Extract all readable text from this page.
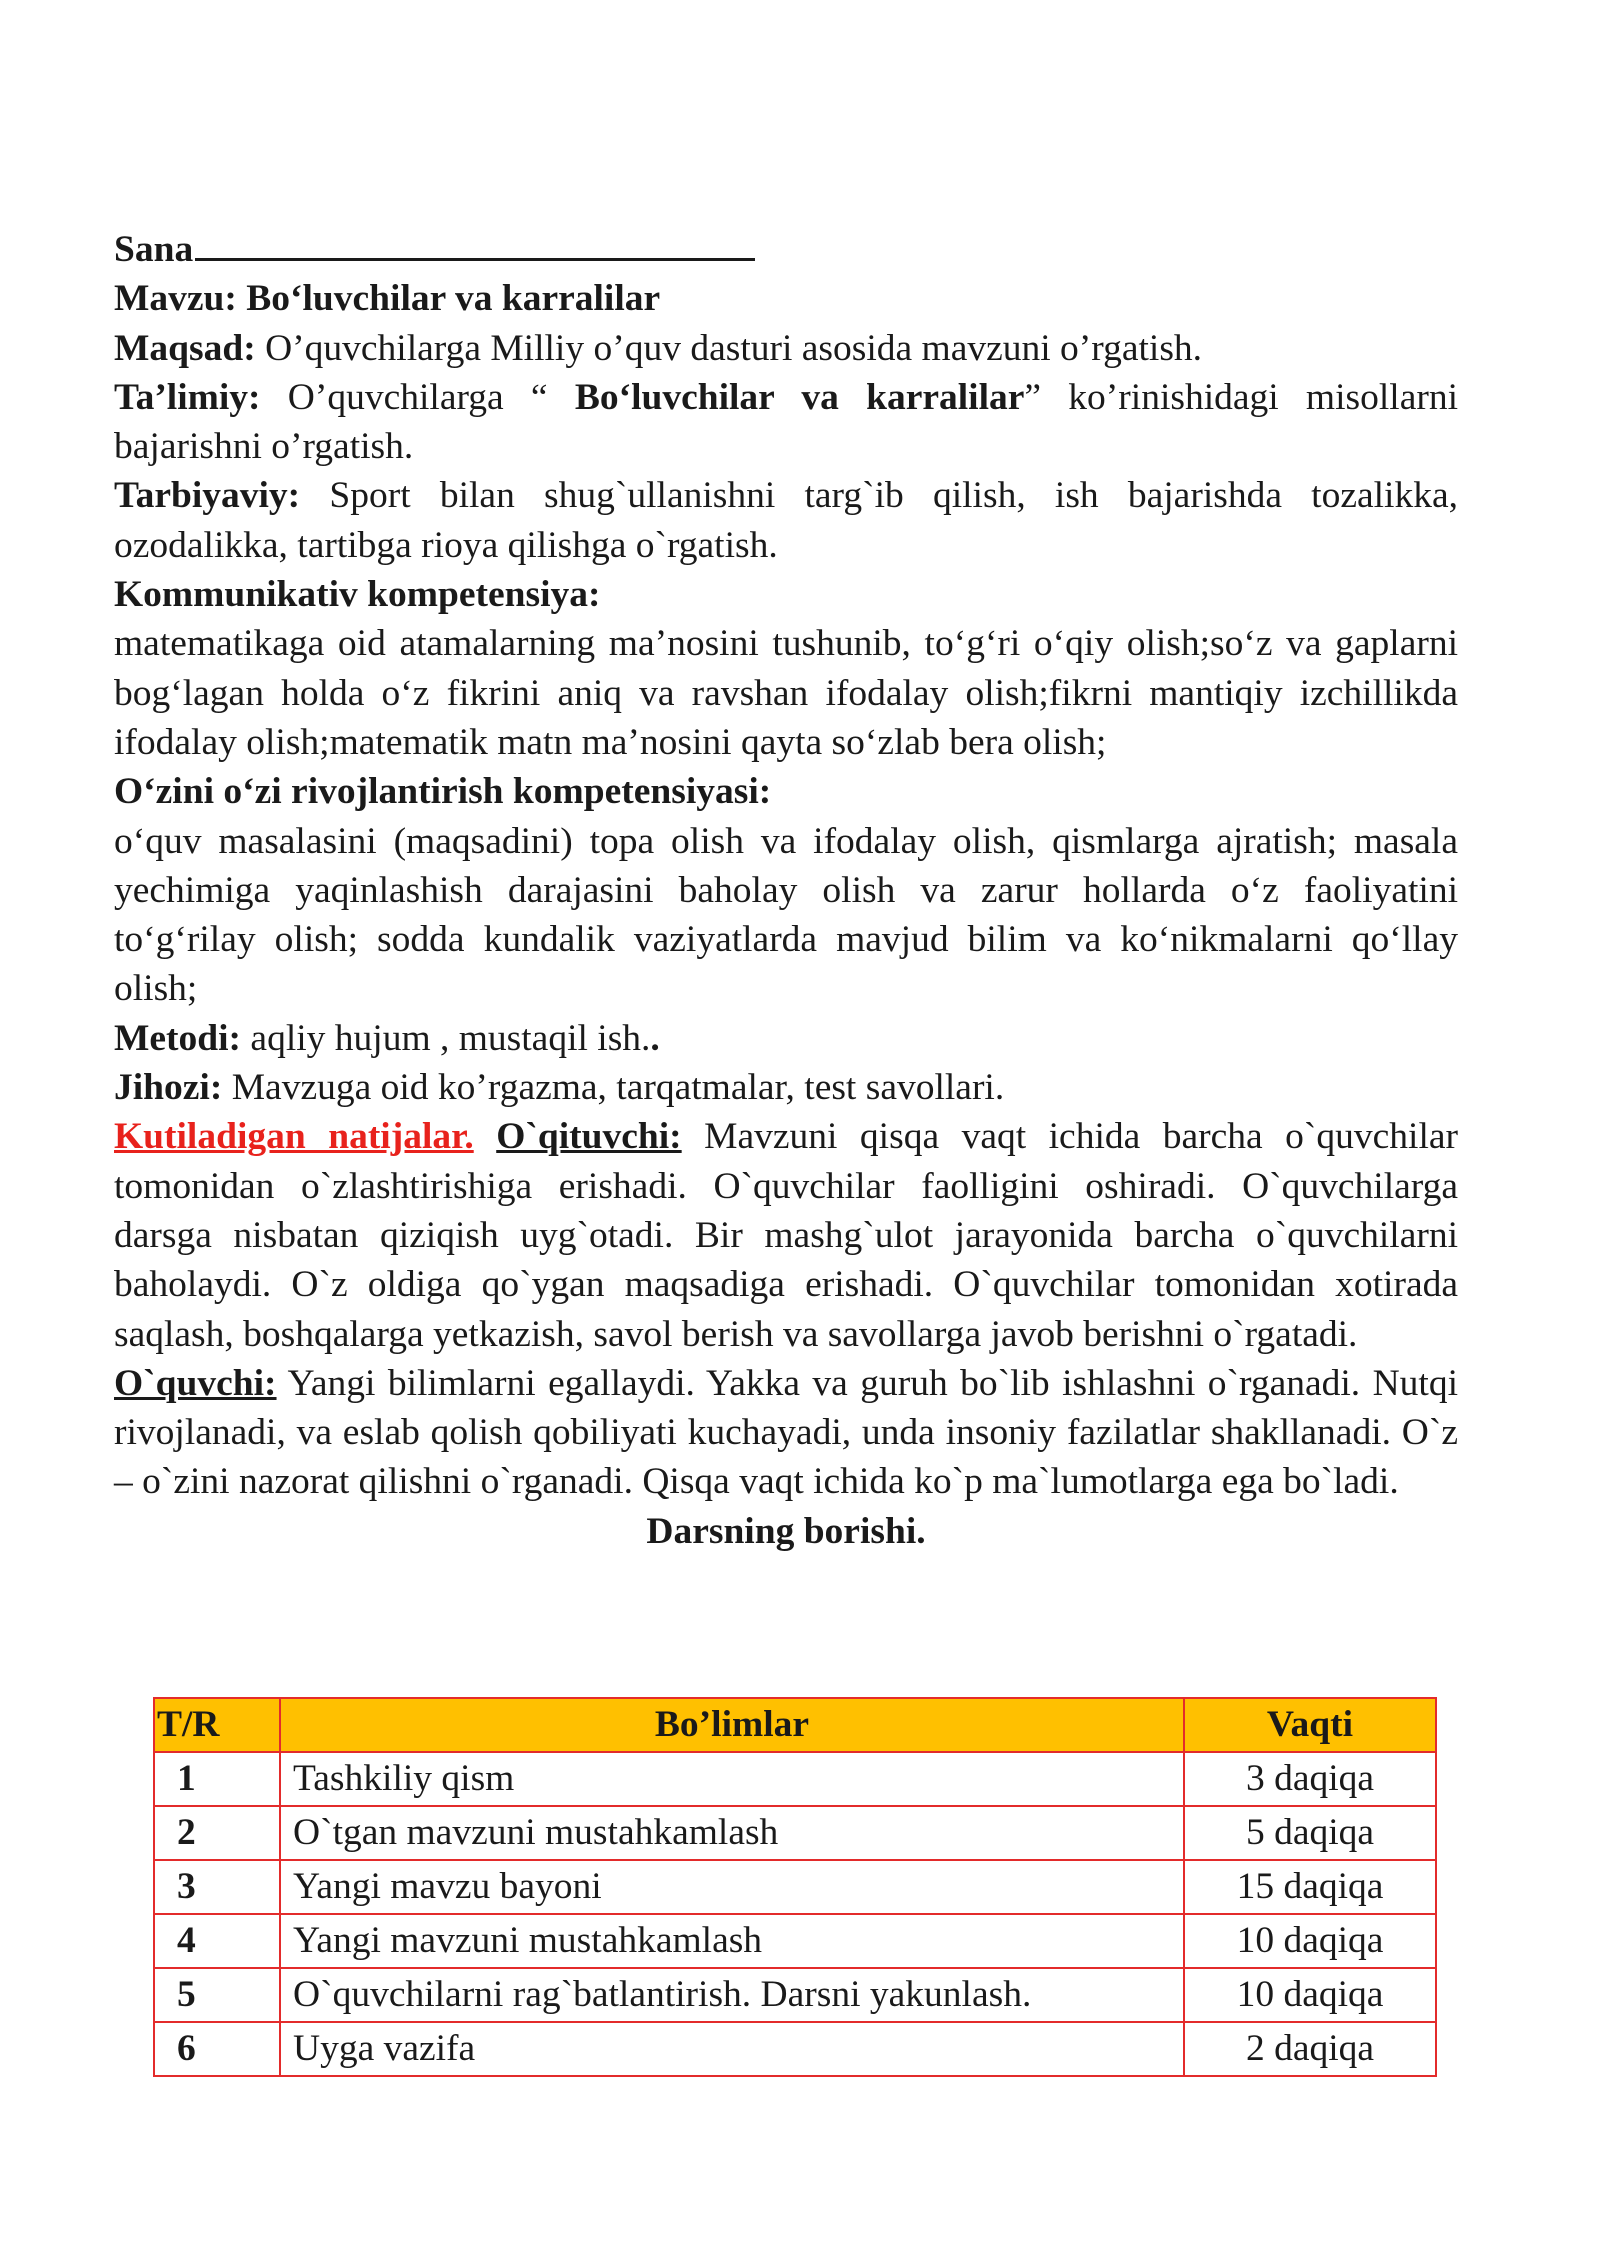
Sana

Mavzu: Bo‘luvchilar va karralilar

Maqsad: O’quvchilarga Milliy o’quv dasturi asosida mavzuni o’rgatish.

Ta’limiy: O’quvchilarga “ Bo‘luvchilar va karralilar” ko’rinishidagi misollarni bajarishni o’rgatish.

Tarbiyaviy: Sport bilan shug`ullanishni targ`ib qilish, ish bajarishda tozalikka, ozodalikka, tartibga rioya qilishga o`rgatish.

Kommunikativ kompetensiya:

matematikaga oid atamalarning ma’nosini tushunib, to‘g‘ri o‘qiy olish;so‘z va gaplarni bog‘lagan holda o‘z fikrini aniq va ravshan ifodalay olish;fikrni mantiqiy izchillikda ifodalay olish;matematik matn ma’nosini qayta so‘zlab bera olish;

O‘zini o‘zi rivojlantirish kompetensiyasi:

o‘quv masalasini (maqsadini) topa olish va ifodalay olish, qismlarga ajratish; masala yechimiga yaqinlashish darajasini baholay olish va zarur hollarda o‘z faoliyatini to‘g‘rilay olish; sodda kundalik vaziyatlarda mavjud bilim va ko‘nikmalarni qo‘llay olish;

Metodi: aqliy hujum , mustaqil ish..

Jihozi: Mavzuga oid ko’rgazma, tarqatmalar, test savollari.

Kutiladigan natijalar. O`qituvchi: Mavzuni qisqa vaqt ichida barcha o`quvchilar tomonidan o`zlashtirishiga erishadi. O`quvchilar faolligini oshiradi. O`quvchilarga darsga nisbatan qiziqish uyg`otadi. Bir mashg`ulot jarayonida barcha o`quvchilarni baholaydi. O`z oldiga qo`ygan maqsadiga erishadi. O`quvchilar tomonidan xotirada saqlash, boshqalarga yetkazish, savol berish va savollarga javob berishni o`rgatadi.

O`quvchi: Yangi bilimlarni egallaydi. Yakka va guruh bo`lib ishlashni o`rganadi. Nutqi rivojlanadi, va eslab qolish qobiliyati kuchayadi, unda insoniy fazilatlar shakllanadi. O`z – o`zini nazorat qilishni o`rganadi. Qisqa vaqt ichida ko`p ma`lumotlarga ega bo`ladi.

Darsning borishi.

T/R	Bo’limlar	Vaqti
1	Tashkiliy qism	3 daqiqa
2	O`tgan mavzuni mustahkamlash	5 daqiqa
3	Yangi mavzu bayoni	15 daqiqa
4	Yangi mavzuni mustahkamlash	10 daqiqa
5	O`quvchilarni rag`batlantirish. Darsni yakunlash.	10 daqiqa
6	Uyga vazifa	2 daqiqa
